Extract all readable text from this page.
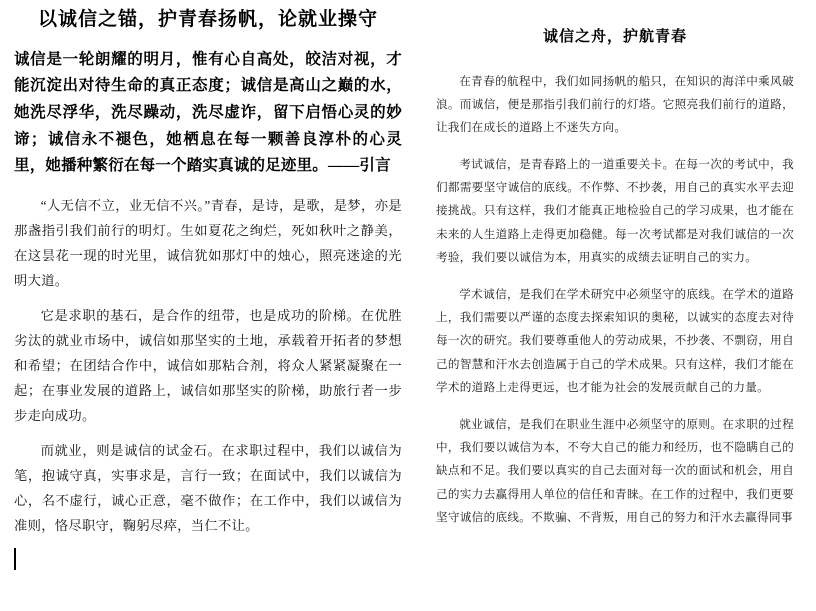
以诚信之锚，护青春扬帆，论就业操守
诚信是一轮朗耀的明月，惟有心自高处，皎洁对视，才能沉淀出对待生命的真正态度；诚信是高山之巅的水，她洗尽浮华，洗尽躁动，洗尽虚诈，留下启悟心灵的妙谛；诚信永不褪色，她栖息在每一颗善良淳朴的心灵里，她播种繁衍在每一个踏实真诚的足迹里。——引言
“人无信不立，业无信不兴。”青春，是诗，是歌，是梦，亦是那盏指引我们前行的明灯。生如夏花之绚烂，死如秋叶之静美，在这昙花一现的时光里，诚信犹如那灯中的烛心，照亮迷途的光明大道。
它是求职的基石，是合作的纽带，也是成功的阶梯。在优胜劣汰的就业市场中，诚信如那坚实的土地，承载着开拓者的梦想和希望；在团结合作中，诚信如那粘合剂，将众人紧紧凝聚在一起；在事业发展的道路上，诚信如那坚实的阶梯，助旅行者一步步走向成功。
而就业，则是诚信的试金石。在求职过程中，我们以诚信为笔，抱诚守真，实事求是，言行一致；在面试中，我们以诚信为心，名不虚行，诚心正意，毫不做作；在工作中，我们以诚信为准则，恪尽职守，鞠躬尽瘁，当仁不让。
诚信之舟，护航青春
在青春的航程中，我们如同扬帆的船只，在知识的海洋中乘风破浪。而诚信，便是那指引我们前行的灯塔。它照亮我们前行的道路，让我们在成长的道路上不迷失方向。
考试诚信，是青春路上的一道重要关卡。在每一次的考试中，我们都需要坚守诚信的底线。不作弊、不抄袭，用自己的真实水平去迎接挑战。只有这样，我们才能真正地检验自己的学习成果，也才能在未来的人生道路上走得更加稳健。每一次考试都是对我们诚信的一次考验，我们要以诚信为本，用真实的成绩去证明自己的实力。
学术诚信，是我们在学术研究中必须坚守的底线。在学术的道路上，我们需要以严谨的态度去探索知识的奥秘，以诚实的态度去对待每一次的研究。我们要尊重他人的劳动成果，不抄袭、不剽窃，用自己的智慧和汗水去创造属于自己的学术成果。只有这样，我们才能在学术的道路上走得更远，也才能为社会的发展贡献自己的力量。
就业诚信，是我们在职业生涯中必须坚守的原则。在求职的过程中，我们要以诚信为本，不夸大自己的能力和经历，也不隐瞒自己的缺点和不足。我们要以真实的自己去面对每一次的面试和机会，用自己的实力去赢得用人单位的信任和青睐。在工作的过程中，我们更要坚守诚信的底线。不欺骗、不背叛，用自己的努力和汗水去赢得同事
